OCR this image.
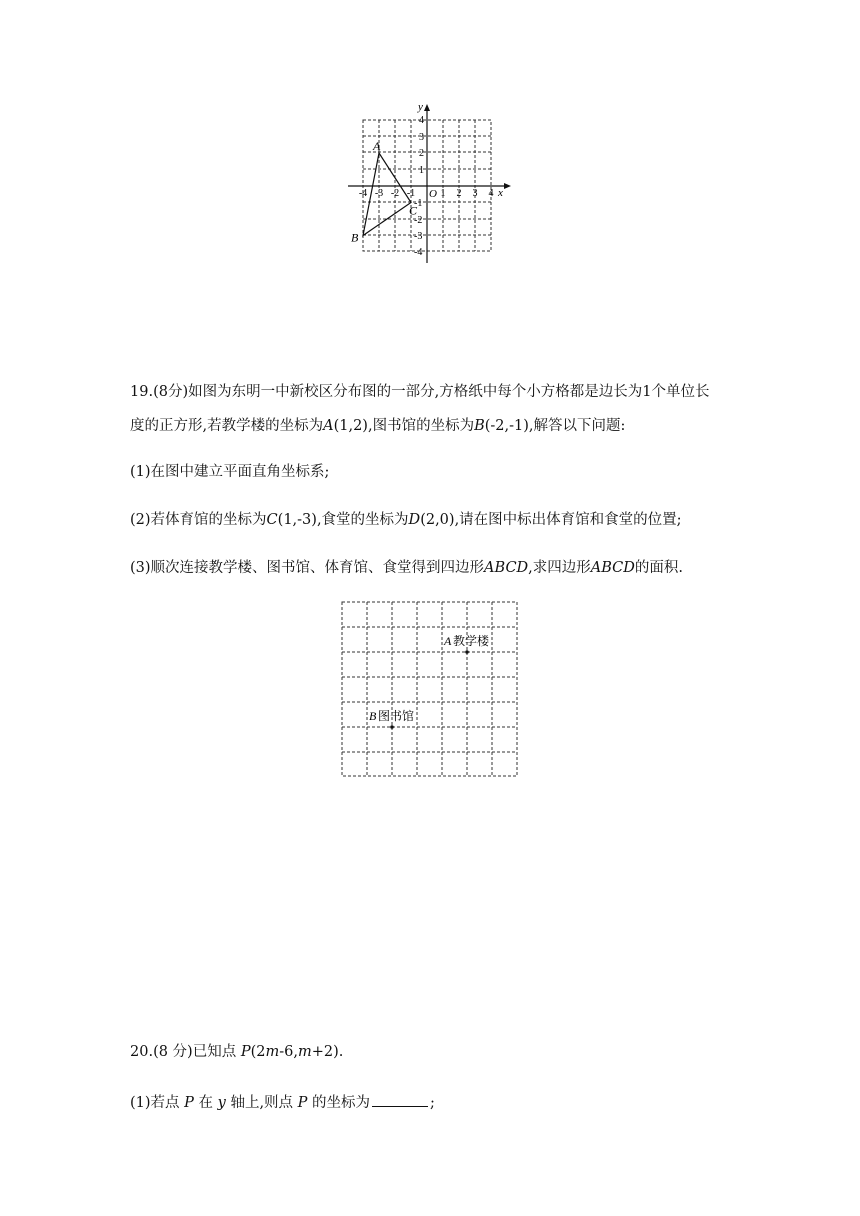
x
y
O
-4 -3 -2 -1	1 2 3 4
4
3
2
1
-1
-2
-3
-4
A
B
C
19.(8分)如图为东明一中新校区分布图的一部分,方格纸中每个小方格都是边长为1个单位长
度的正方形,若教学楼的坐标为A(1,2),图书馆的坐标为B(-2,-1),解答以下问题:
(1)在图中建立平面直角坐标系;
(2)若体育馆的坐标为C(1,-3),食堂的坐标为D(2,0),请在图中标出体育馆和食堂的位置;
(3)顺次连接教学楼、图书馆、体育馆、食堂得到四边形ABCD,求四边形ABCD的面积.
A 教学楼
B 图书馆
20.(8 分)已知点 P(2m-6,m+2).
(1)若点 P 在 y 轴上,则点 P 的坐标为	;
